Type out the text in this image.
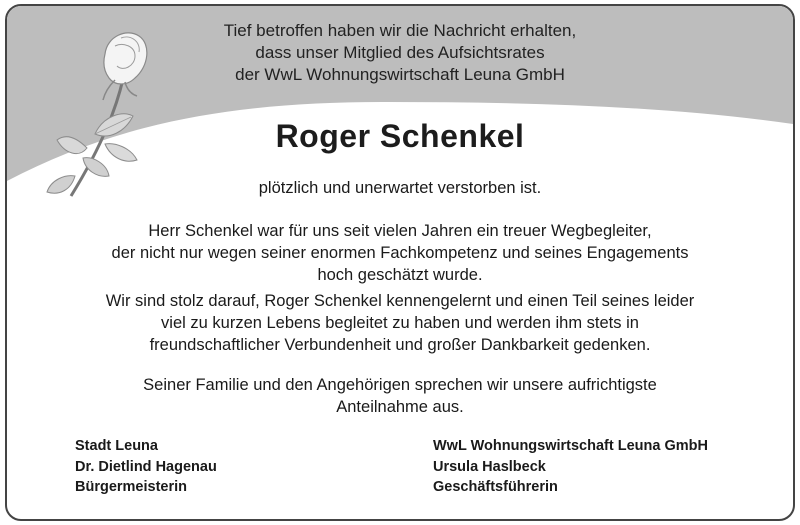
Tief betroffen haben wir die Nachricht erhalten,
dass unser Mitglied des Aufsichtsrates
der WwL Wohnungswirtschaft Leuna GmbH
Roger Schenkel
plötzlich und unerwartet verstorben ist.
Herr Schenkel war für uns seit vielen Jahren ein treuer Wegbegleiter,
der nicht nur wegen seiner enormen Fachkompetenz und seines Engagements
hoch geschätzt wurde.
Wir sind stolz darauf, Roger Schenkel kennengelernt und einen Teil seines leider
viel zu kurzen Lebens begleitet zu haben und werden ihm stets in
freundschaftlicher Verbundenheit und großer Dankbarkeit gedenken.
Seiner Familie und den Angehörigen sprechen wir unsere aufrichtigste
Anteilnahme aus.
Stadt Leuna
Dr. Dietlind Hagenau
Bürgermeisterin
WwL Wohnungswirtschaft Leuna GmbH
Ursula Haslbeck
Geschäftsführerin
